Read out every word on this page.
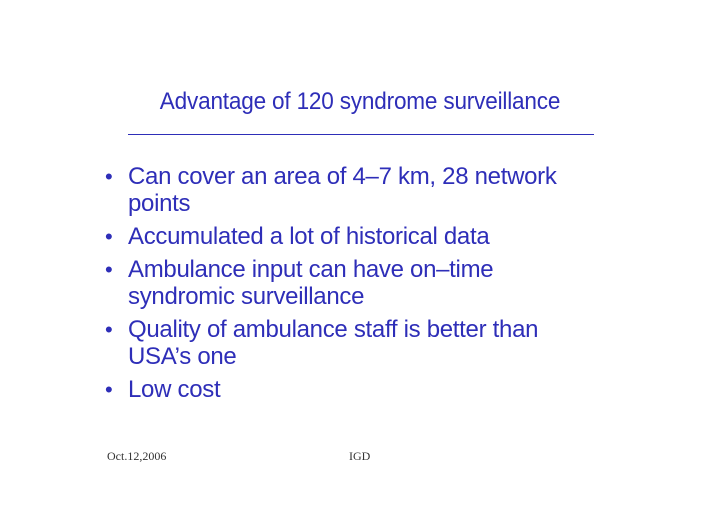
Advantage of 120 syndrome surveillance
• Can cover an area of 4–7 km, 28 network points
• Accumulated a lot of historical data
• Ambulance input can have on–time syndromic surveillance
• Quality of ambulance staff is better than USA’s one
• Low cost
Oct.12,2006	IGD
